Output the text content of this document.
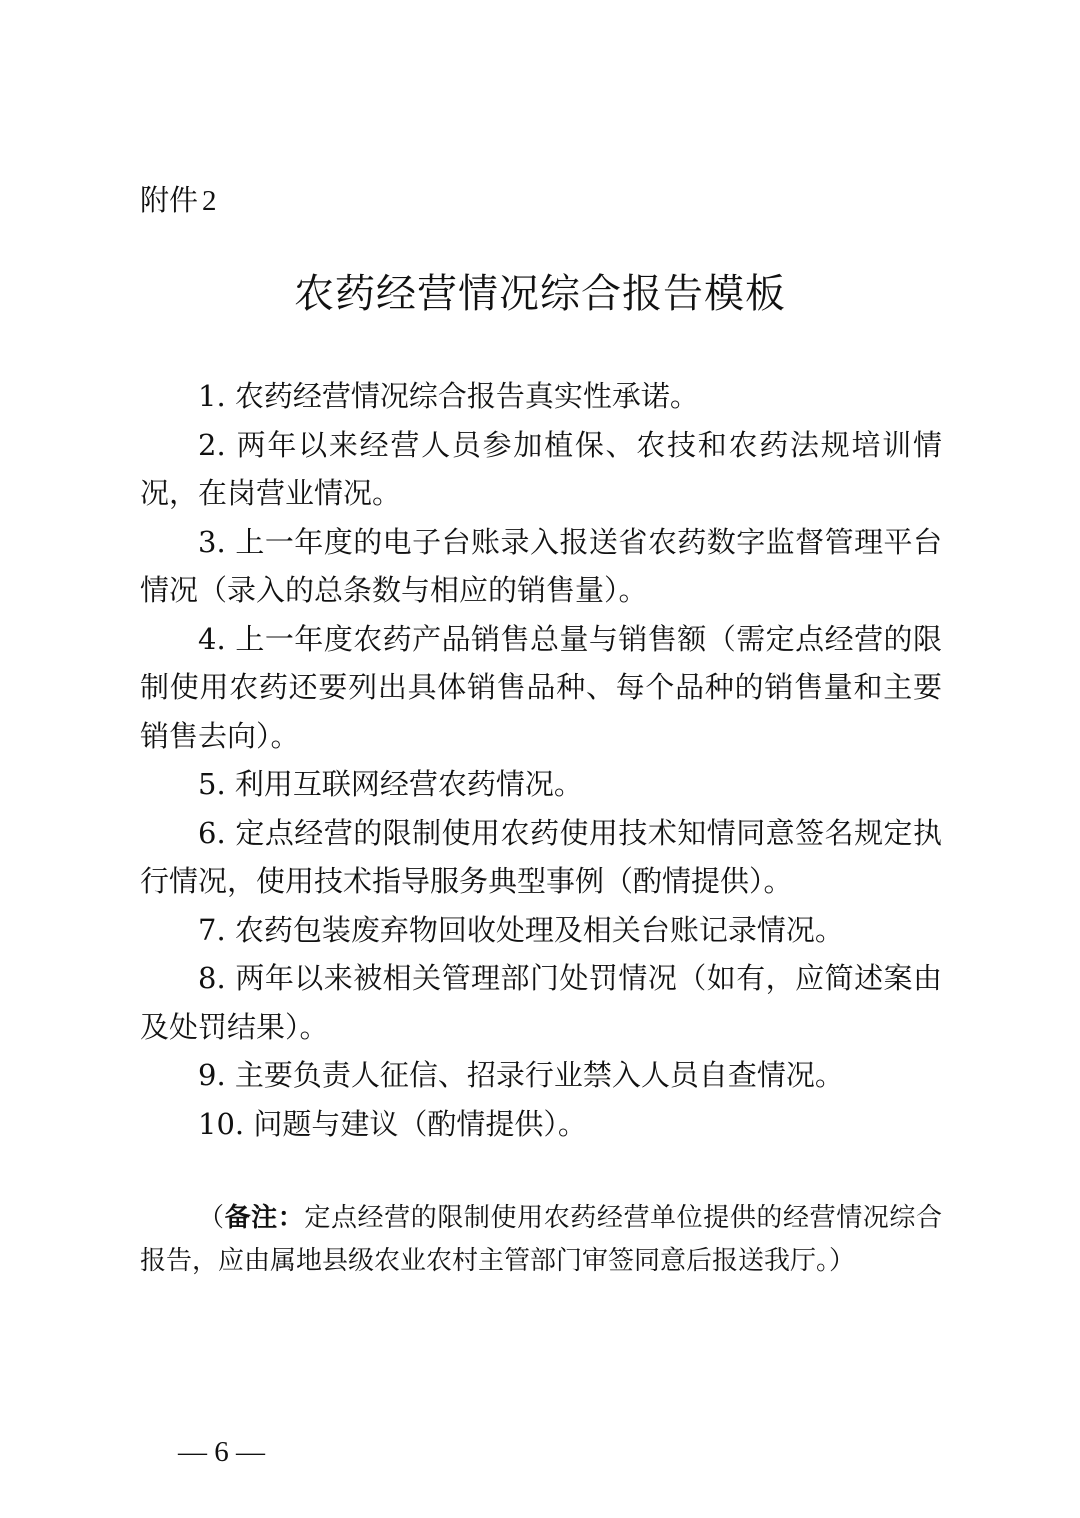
附件 2
农药经营情况综合报告模板

1. 农药经营情况综合报告真实性承诺。

2. 两年以来经营人员参加植保、农技和农药法规培训情况，在岗营业情况。

3. 上一年度的电子台账录入报送省农药数字监督管理平台情况（录入的总条数与相应的销售量）。

4. 上一年度农药产品销售总量与销售额（需定点经营的限制使用农药还要列出具体销售品种、每个品种的销售量和主要销售去向）。

5. 利用互联网经营农药情况。

6. 定点经营的限制使用农药使用技术知情同意签名规定执行情况，使用技术指导服务典型事例（酌情提供）。

7. 农药包装废弃物回收处理及相关台账记录情况。

8. 两年以来被相关管理部门处罚情况（如有，应简述案由及处罚结果）。

9. 主要负责人征信、招录行业禁入人员自查情况。

10. 问题与建议（酌情提供）。

（备注：定点经营的限制使用农药经营单位提供的经营情况综合报告，应由属地县级农业农村主管部门审签同意后报送我厅。）
— 6 —
